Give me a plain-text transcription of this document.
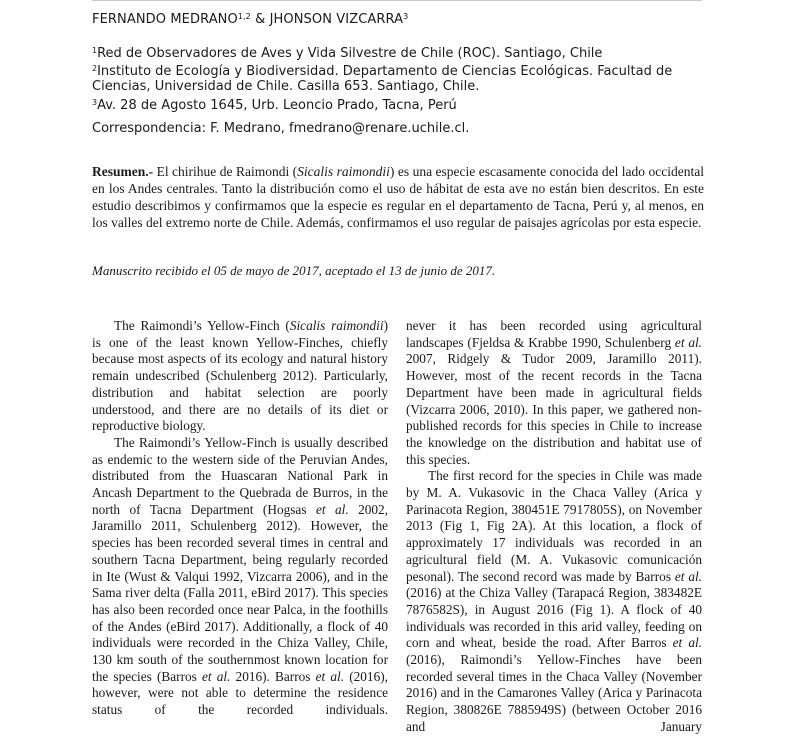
FERNANDO MEDRANO$^{1,2}$ & JHONSON VIZCARRA$^3$
$^1$Red de Observadores de Aves y Vida Silvestre de Chile (ROC). Santiago, Chile
$^2$Instituto de Ecología y Biodiversidad. Departamento de Ciencias Ecológicas. Facultad de
Ciencias, Universidad de Chile. Casilla 653. Santiago, Chile.
$^3$Av. 28 de Agosto 1645, Urb. Leoncio Prado, Tacna, Perú
Correspondencia: F. Medrano, fmedrano@renare.uchile.cl.
Resumen.- El chirihue de Raimondi (Sicalis raimondii) es una especie escasamente conocida del lado occidental en los Andes centrales. Tanto la distribución como el uso de hábitat de esta ave no están bien descritos. En este estudio describimos y confirmamos que la especie es regular en el departamento de Tacna, Perú y, al menos, en los valles del extremo norte de Chile. Además, confirmamos el uso regular de paisajes agrícolas por esta especie.
Manuscrito recibido el 05 de mayo de 2017, aceptado el 13 de junio de 2017.

The Raimondi’s Yellow-Finch (Sicalis raimondii) is one of the least known Yellow-Finches, chiefly because most aspects of its ecology and natural history remain undescribed (Schulenberg 2012). Particularly, distribution and habitat selection are poorly understood, and there are no details of its diet or reproductive biology.

The Raimondi’s Yellow-Finch is usually described as endemic to the western side of the Peruvian Andes, distributed from the Huascaran National Park in Ancash Department to the Quebrada de Burros, in the north of Tacna Department (Hogsas et al. 2002, Jaramillo 2011, Schulenberg 2012). However, the species has been recorded several times in central and southern Tacna Department, being regularly recorded in Ite (Wust & Valqui 1992, Vizcarra 2006), and in the Sama river delta (Falla 2011, eBird 2017). This species has also been recorded once near Palca, in the foothills of the Andes (eBird 2017). Additionally, a flock of 40 individuals were recorded in the Chiza Valley, Chile, 130 km south of the southernmost known location for the species (Barros et al. 2016). Barros et al. (2016), however, were not able to determine the residence status of the recorded individuals.

never it has been recorded using agricultural landscapes (Fjeldsa & Krabbe 1990, Schulenberg et al. 2007, Ridgely & Tudor 2009, Jaramillo 2011). However, most of the recent records in the Tacna Department have been made in agricultural fields (Vizcarra 2006, 2010). In this paper, we gathered non-published records for this species in Chile to increase the knowledge on the distribution and habitat use of this species.

The first record for the species in Chile was made by M. A. Vukasovic in the Chaca Valley (Arica y Parinacota Region, 380451E 7917805S), on November 2013 (Fig 1, Fig 2A). At this location, a flock of approximately 17 individuals was recorded in an agricultural field (M. A. Vukasovic comunicación pesonal). The second record was made by Barros et al. (2016) at the Chiza Valley (Tarapacá Region, 383482E 7876582S), in August 2016 (Fig 1). A flock of 40 individuals was recorded in this arid valley, feeding on corn and wheat, beside the road. After Barros et al. (2016), Raimondi’s Yellow-Finches have been recorded several times in the Chaca Valley (November 2016) and in the Camarones Valley (Arica y Parinacota Region, 380826E 7885949S) (between October 2016 and January
